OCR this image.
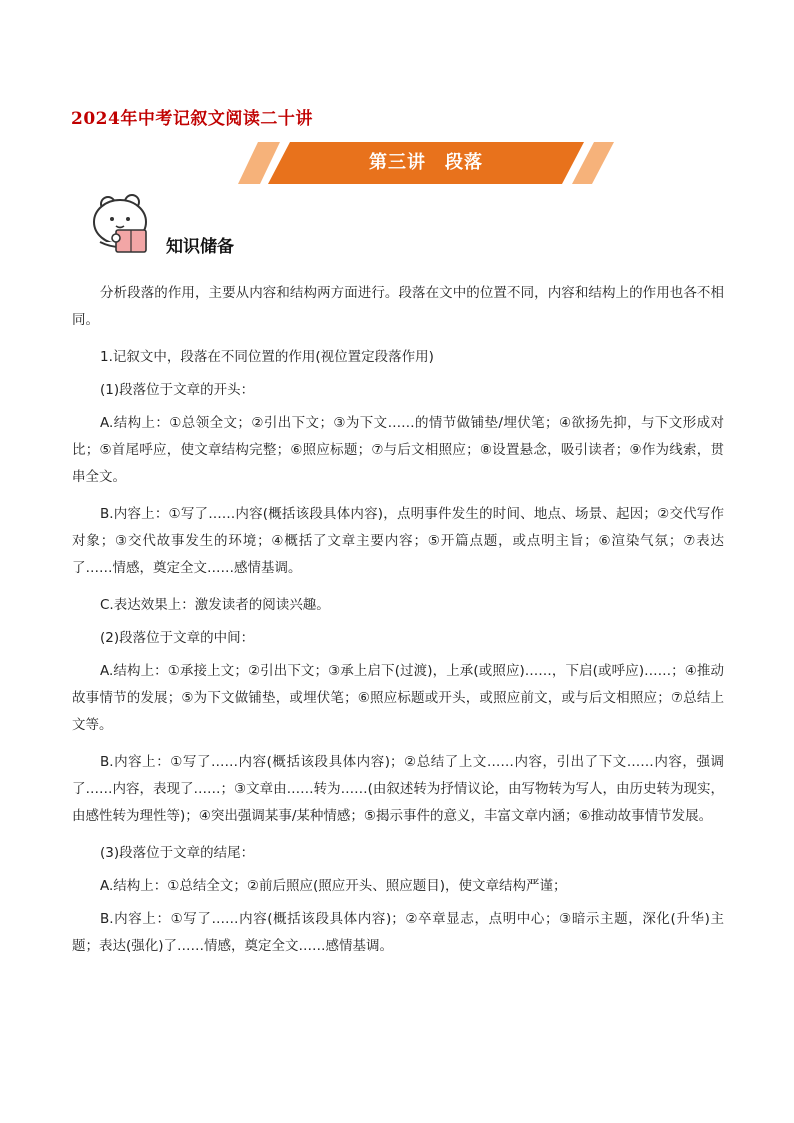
2024年中考记叙文阅读二十讲
第三讲　段落
知识储备

分析段落的作用，主要从内容和结构两方面进行。段落在文中的位置不同，内容和结构上的作用也各不相同。

1.记叙文中，段落在不同位置的作用(视位置定段落作用)

(1)段落位于文章的开头：

A.结构上：①总领全文；②引出下文；③为下文……的情节做铺垫/埋伏笔；④欲扬先抑，与下文形成对比；⑤首尾呼应，使文章结构完整；⑥照应标题；⑦与后文相照应；⑧设置悬念，吸引读者；⑨作为线索，贯串全文。

B.内容上：①写了……内容(概括该段具体内容)，点明事件发生的时间、地点、场景、起因；②交代写作对象；③交代故事发生的环境；④概括了文章主要内容；⑤开篇点题，或点明主旨；⑥渲染气氛；⑦表达了……情感，奠定全文……感情基调。

C.表达效果上：激发读者的阅读兴趣。

(2)段落位于文章的中间：

A.结构上：①承接上文；②引出下文；③承上启下(过渡)，上承(或照应)……，下启(或呼应)……；④推动故事情节的发展；⑤为下文做铺垫，或埋伏笔；⑥照应标题或开头，或照应前文，或与后文相照应；⑦总结上文等。

B.内容上：①写了……内容(概括该段具体内容)；②总结了上文……内容，引出了下文……内容，强调了……内容，表现了……；③文章由……转为……(由叙述转为抒情议论，由写物转为写人，由历史转为现实，由感性转为理性等)；④突出强调某事/某种情感；⑤揭示事件的意义，丰富文章内涵；⑥推动故事情节发展。

(3)段落位于文章的结尾：

A.结构上：①总结全文；②前后照应(照应开头、照应题目)，使文章结构严谨；

B.内容上：①写了……内容(概括该段具体内容)；②卒章显志，点明中心；③暗示主题，深化(升华)主题；表达(强化)了……情感，奠定全文……感情基调。
